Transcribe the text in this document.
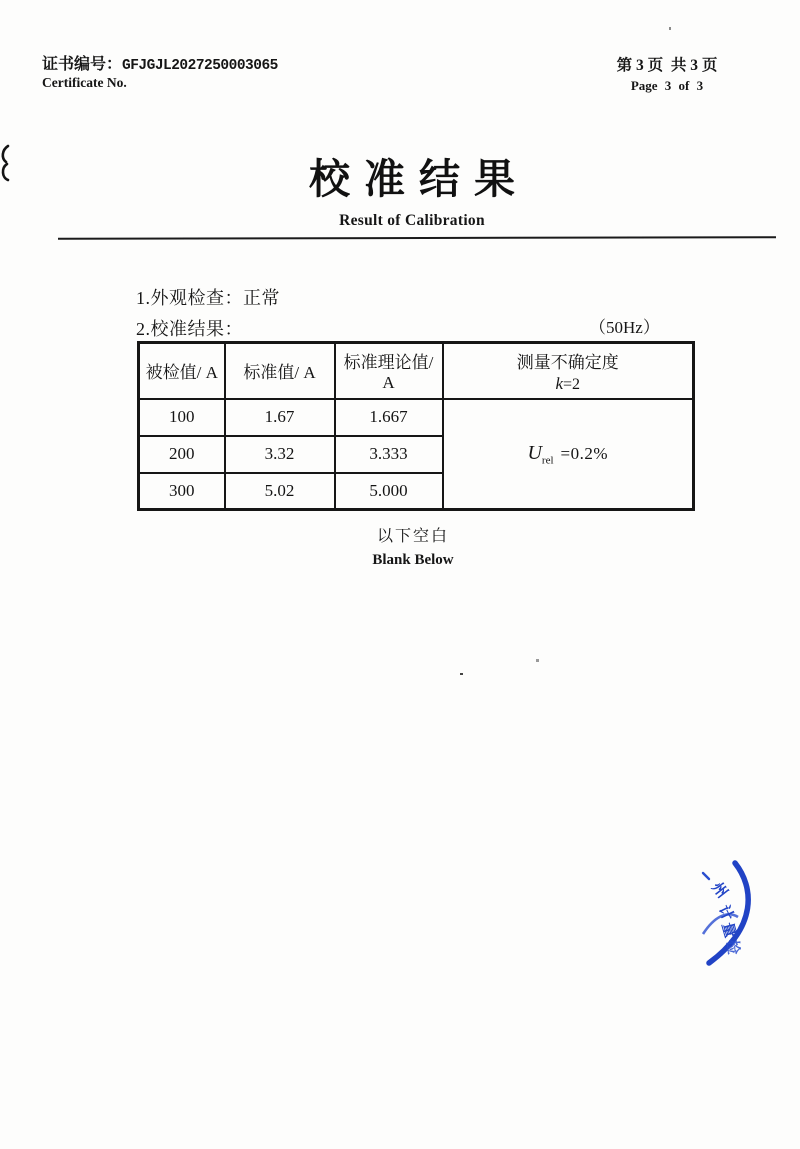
证书编号：GFJGJL2027250003065
Certificate No.
第 3 页  共 3 页
Page 3 of 3
校准结果
Result of Calibration
1.外观检查：正常
2.校准结果：	（50Hz）
被检值/ A	标准值/ A	标准理论值/ A	测量不确定度
k=2

100	1.67	1.667	$U_{rel} =0.2\%$
200	3.32	3.333	
300	5.02	5.000	
以下空白
Blank Below
州
计
量
检
